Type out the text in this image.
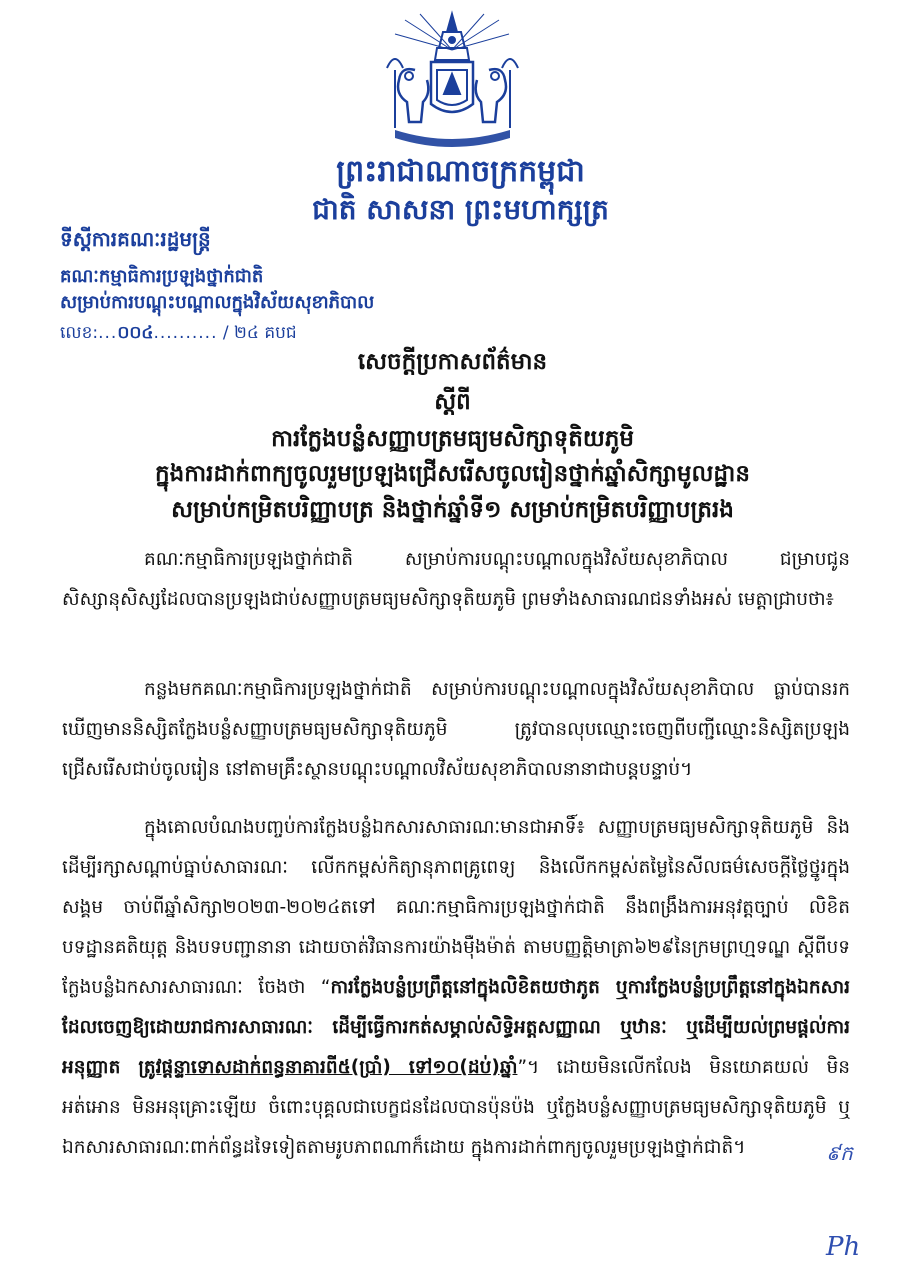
ព្រះរាជាណាចក្រកម្ពុជា
ជាតិ សាសនា ព្រះមហាក្សត្រ
ទីស្តីការគណៈរដ្ឋមន្ត្រី
គណៈកម្មាធិការប្រឡងថ្នាក់ជាតិ
សម្រាប់ការបណ្តុះបណ្តាលក្នុងវិស័យសុខាភិបាល
លេខ:...០០៤.......... / ២៤ គបជ
សេចក្តីប្រកាសព័ត៌មាន
ស្តីពី
ការក្លែងបន្លំសញ្ញាបត្រមធ្យមសិក្សាទុតិយភូមិ
ក្នុងការដាក់ពាក្យចូលរួមប្រឡងជ្រើសរើសចូលរៀនថ្នាក់ឆ្នាំសិក្សាមូលដ្ឋាន
សម្រាប់កម្រិតបរិញ្ញាបត្រ និងថ្នាក់ឆ្នាំទី១ សម្រាប់កម្រិតបរិញ្ញាបត្ររង
គណៈកម្មាធិការប្រឡងថ្នាក់ជាតិ សម្រាប់ការបណ្តុះបណ្តាលក្នុងវិស័យសុខាភិបាល ជម្រាបជូនសិស្សានុសិស្សដែលបានប្រឡងជាប់សញ្ញាបត្រមធ្យមសិក្សាទុតិយភូមិ ព្រមទាំងសាធារណជនទាំងអស់ មេត្តាជ្រាបថា៖
កន្លងមកគណៈកម្មាធិការប្រឡងថ្នាក់ជាតិ សម្រាប់ការបណ្តុះបណ្តាលក្នុងវិស័យសុខាភិបាល ធ្លាប់បានរកឃើញមាននិស្សិតក្លែងបន្លំសញ្ញាបត្រមធ្យមសិក្សាទុតិយភូមិ ត្រូវបានលុបឈ្មោះចេញពីបញ្ជីឈ្មោះនិស្សិតប្រឡងជ្រើសរើសជាប់ចូលរៀន នៅតាមគ្រឹះស្ថានបណ្តុះបណ្តាលវិស័យសុខាភិបាលនានាជាបន្តបន្ទាប់។
ក្នុងគោលបំណងបញ្ចប់ការក្លែងបន្លំឯកសារសាធារណៈមានជាអាទិ៍៖ សញ្ញាបត្រមធ្យមសិក្សាទុតិយភូមិ និងដើម្បីរក្សាសណ្តាប់ធ្នាប់សាធារណៈ លើកកម្ពស់កិត្យានុភាពគ្រូពេទ្យ និងលើកកម្ពស់តម្លៃនៃសីលធម៌សេចក្តីថ្លៃថ្នូរក្នុងសង្គម ចាប់ពីឆ្នាំសិក្សា២០២៣-២០២៤តទៅ គណៈកម្មាធិការប្រឡងថ្នាក់ជាតិ នឹងពង្រឹងការអនុវត្តច្បាប់ លិខិតបទដ្ឋានគតិយុត្ត និងបទបញ្ជានានា ដោយចាត់វិធានការយ៉ាងម៉ឺងម៉ាត់ តាមបញ្ញត្តិមាត្រា៦២៩នៃក្រមព្រហ្មទណ្ឌ ស្តីពីបទក្លែងបន្លំឯកសារសាធារណៈ ចែងថា “ការក្លែងបន្លំប្រព្រឹត្តនៅក្នុងលិខិតយថាភូត ឬការក្លែងបន្លំប្រព្រឹត្តនៅក្នុងឯកសារដែលចេញឱ្យដោយរាជការសាធារណៈ ដើម្បីធ្វើការកត់សម្គាល់សិទ្ធិអត្តសញ្ញាណ ឬឋានៈ ឬដើម្បីយល់ព្រមផ្តល់ការអនុញ្ញាត ត្រូវផ្តន្ទាទោសដាក់ពន្ធនាគារពី៥(ប្រាំ) ទៅ១០(ដប់)ឆ្នាំ”។ ដោយមិនលើកលែង មិនយោគយល់ មិនអត់អោន មិនអនុគ្រោះឡើយ ចំពោះបុគ្គលជាបេក្ខជនដែលបានប៉ុនប៉ង ឬក្លែងបន្លំសញ្ញាបត្រមធ្យមសិក្សាទុតិយភូមិ ឬឯកសារសាធារណៈពាក់ព័ន្ធដទៃទៀតតាមរូបភាពណាក៏ដោយ ក្នុងការដាក់ពាក្យចូលរួមប្រឡងថ្នាក់ជាតិ។	៩ក
Ph
